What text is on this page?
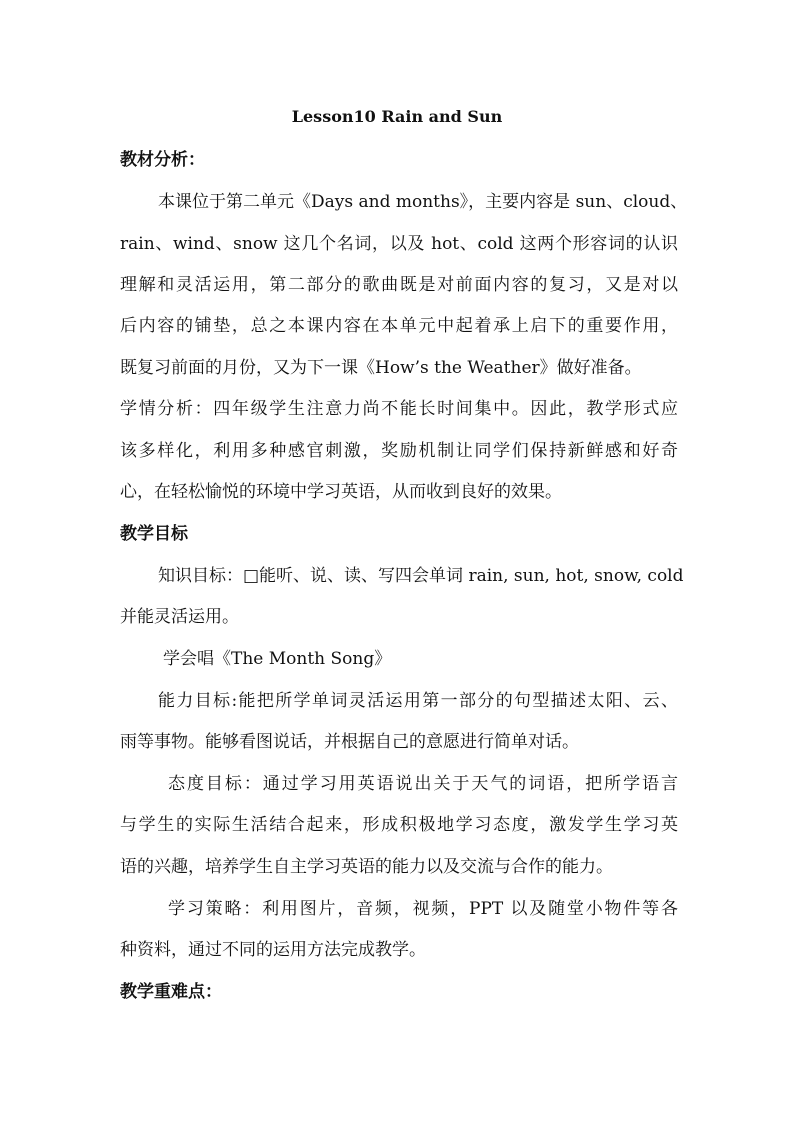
Lesson10 Rain and Sun
教材分析：
本课位于第二单元《Days and months》，主要内容是 sun、cloud、
rain、wind、snow 这几个名词，以及 hot、cold 这两个形容词的认识
理解和灵活运用，第二部分的歌曲既是对前面内容的复习，又是对以
后内容的铺垫，总之本课内容在本单元中起着承上启下的重要作用，
既复习前面的月份，又为下一课《How’s the Weather》做好准备。
学情分析：四年级学生注意力尚不能长时间集中。因此，教学形式应
该多样化，利用多种感官刺激，奖励机制让同学们保持新鲜感和好奇
心，在轻松愉悦的环境中学习英语，从而收到良好的效果。
教学目标
知识目标：□能听、说、读、写四会单词 rain, sun, hot, snow, cold
并能灵活运用。
学会唱《The Month Song》
能力目标:能把所学单词灵活运用第一部分的句型描述太阳、云、
雨等事物。能够看图说话，并根据自己的意愿进行简单对话。
态度目标：通过学习用英语说出关于天气的词语，把所学语言
与学生的实际生活结合起来，形成积极地学习态度，激发学生学习英
语的兴趣，培养学生自主学习英语的能力以及交流与合作的能力。
学习策略：利用图片，音频，视频，PPT 以及随堂小物件等各
种资料，通过不同的运用方法完成教学。
教学重难点：
